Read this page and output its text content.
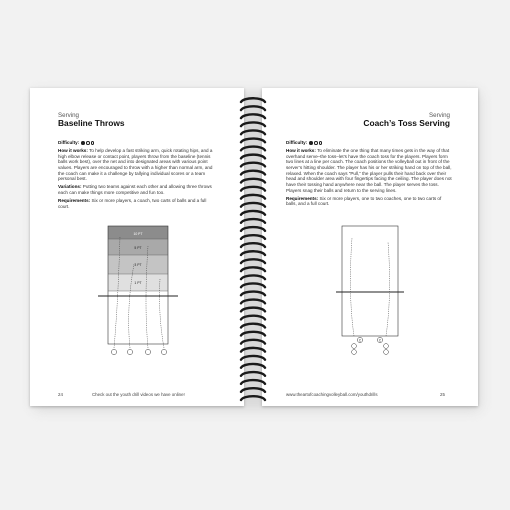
Serving
Baseline Throws

Difficulty:

How it works: To help develop a fast striking arm, quick rotating hips, and a high elbow release or contact point, players throw from the baseline (tennis balls work best), over the net and into designated areas with various point values. Players are encouraged to throw with a higher than normal arm, and the coach can make it a challenge by tallying individual scores or a team personal best.

Variations: Putting two teams against each other and allowing three throws each can make things more competitive and fun too.

Requirements: Six or more players, a coach, two carts of balls and a full court.

10 PT
5 PT
3 PT
1 PT
24	Check out the youth drill videos we have online!
Serving
Coach’s Toss Serving

Difficulty:

How it works: To eliminate the one thing that many times gets in the way of that overhand serve–the toss–let’s have the coach toss for the players. Players form two lines at a line per coach. The coach positions the volleyball out in front of the server’s hitting shoulder. The player has his or her striking hand on top of the ball, relaxed. When the coach says “Pull,” the player pulls their hand back over their head and shoulder area with four fingertips facing the ceiling. The player does not have their tossing hand anywhere near the ball. The player serves the toss. Players snag their balls and return to the serving lines.

Requirements: Six or more players, one to two coaches, one to two carts of balls, and a full court.

C	C
www.theartofcoachingvolleyball.com/youthdrills	25
